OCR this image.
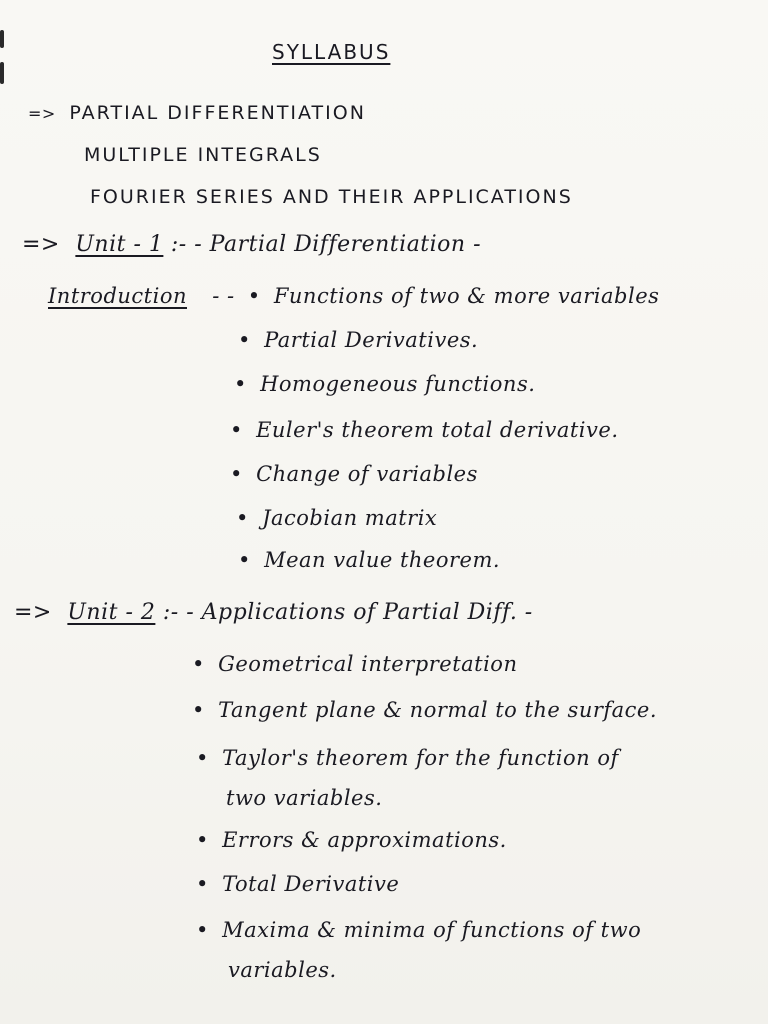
SYLLABUS
=> PARTIAL DIFFERENTIATION
MULTIPLE INTEGRALS
FOURIER SERIES AND THEIR APPLICATIONS
=> Unit - 1 :- - Partial Differentiation -
Introduction - - • Functions of two & more variables
• Partial Derivatives.
• Homogeneous functions.
• Euler's theorem total derivative.
• Change of variables
• Jacobian matrix
• Mean value theorem.
=> Unit - 2 :- - Applications of Partial Diff. -
• Geometrical interpretation
• Tangent plane & normal to the surface.
• Taylor's theorem for the function of
two variables.
• Errors & approximations.
• Total Derivative
• Maxima & minima of functions of two
variables.
